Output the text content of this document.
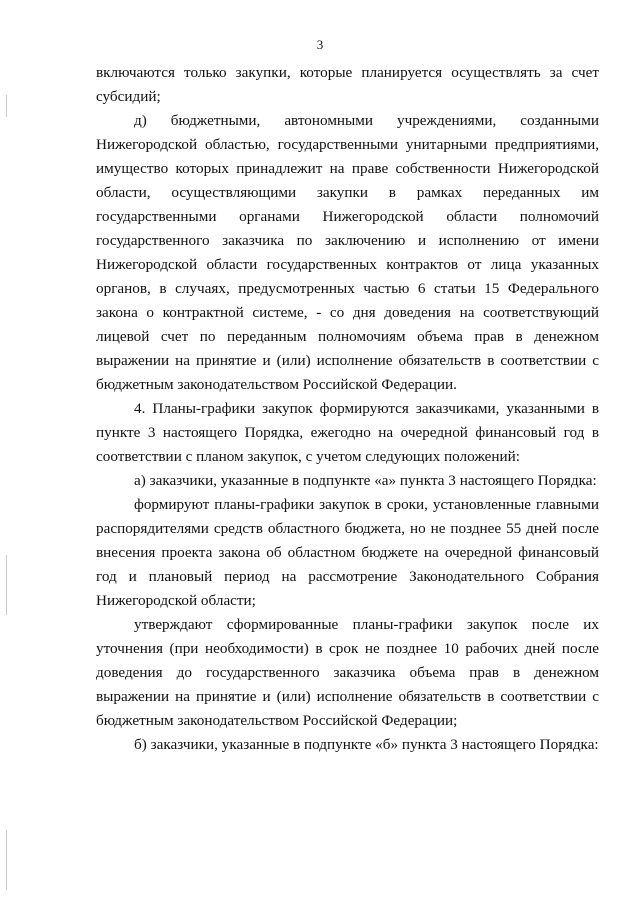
3

включаются только закупки, которые планируется осуществлять за счет субсидий;

д) бюджетными, автономными учреждениями, созданными Нижегородской областью, государственными унитарными предприятиями, имущество которых принадлежит на праве собственности Нижегородской области, осуществляющими закупки в рамках переданных им государственными органами Нижегородской области полномочий государственного заказчика по заключению и исполнению от имени Нижегородской области государственных контрактов от лица указанных органов, в случаях, предусмотренных частью 6 статьи 15 Федерального закона о контрактной системе, - со дня доведения на соответствующий лицевой счет по переданным полномочиям объема прав в денежном выражении на принятие и (или) исполнение обязательств в соответствии с бюджетным законодательством Российской Федерации.

4. Планы-графики закупок формируются заказчиками, указанными в пункте 3 настоящего Порядка, ежегодно на очередной финансовый год в соответствии с планом закупок, с учетом следующих положений:

а) заказчики, указанные в подпункте «а» пункта 3 настоящего Порядка:

формируют планы-графики закупок в сроки, установленные главными распорядителями средств областного бюджета, но не позднее 55 дней после внесения проекта закона об областном бюджете на очередной финансовый год и плановый период на рассмотрение Законодательного Собрания Нижегородской области;

утверждают сформированные планы-графики закупок после их уточнения (при необходимости) в срок не позднее 10 рабочих дней после доведения до государственного заказчика объема прав в денежном выражении на принятие и (или) исполнение обязательств в соответствии с бюджетным законодательством Российской Федерации;

б) заказчики, указанные в подпункте «б» пункта 3 настоящего Порядка:
